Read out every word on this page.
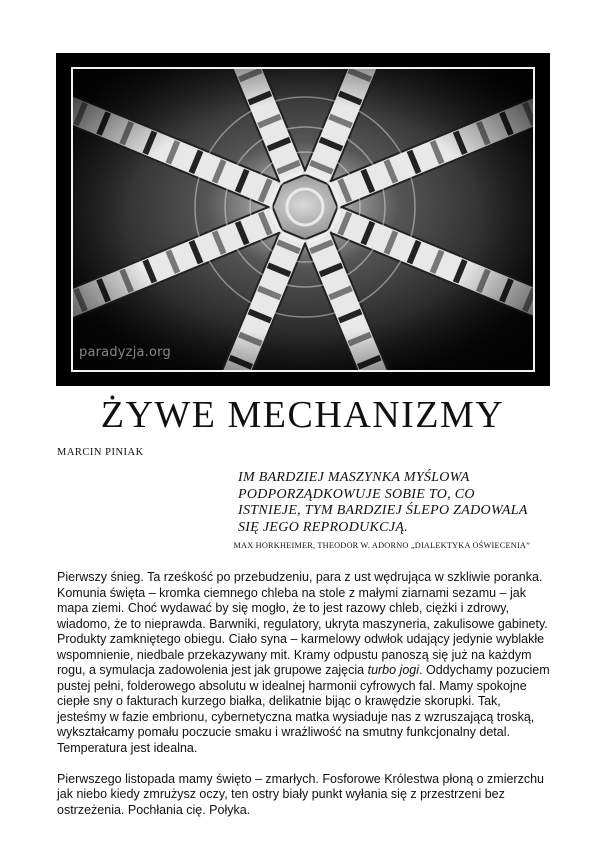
paradyzja.org
ŻYWE MECHANIZMY
MARCIN PINIAK

IM BARDZIEJ MASZYNKA MYŚLOWA PODPORZĄDKOWUJE SOBIE TO, CO ISTNIEJE, TYM BARDZIEJ ŚLEPO ZADOWALA SIĘ JEGO REPRODUKCJĄ.

MAX HORKHEIMER, THEODOR W. ADORNO „DIALEKTYKA OŚWIECENIA”

Pierwszy śnieg. Ta rześkość po przebudzeniu, para z ust wędrująca w szkliwie poranka. Komunia święta – kromka ciemnego chleba na stole z małymi ziarnami sezamu – jak mapa ziemi. Choć wydawać by się mogło, że to jest razowy chleb, ciężki i zdrowy, wiadomo, że to nieprawda. Barwniki, regulatory, ukryta maszyneria, zakulisowe gabinety. Produkty zamkniętego obiegu. Ciało syna – karmelowy odwłok udający jedynie wyblakłe wspomnienie, niedbale przekazywany mit. Kramy odpustu panoszą się już na każdym rogu, a symulacja zadowolenia jest jak grupowe zajęcia turbo jogi. Oddychamy pozuciem pustej pełni, folderowego absolutu w idealnej harmonii cyfrowych fal. Mamy spokojne ciepłe sny o fakturach kurzego białka, delikatnie bijąc o krawędzie skorupki. Tak, jesteśmy w fazie embrionu, cybernetyczna matka wysiaduje nas z wzruszającą troską, wykształcamy pomału poczucie smaku i wrażliwość na smutny funkcjonalny detal. Temperatura jest idealna.

Pierwszego listopada mamy święto – zmarłych. Fosforowe Królestwa płoną o zmierzchu jak niebo kiedy zmrużysz oczy, ten ostry biały punkt wyłania się z przestrzeni bez ostrzeżenia. Pochłania cię. Połyka.
